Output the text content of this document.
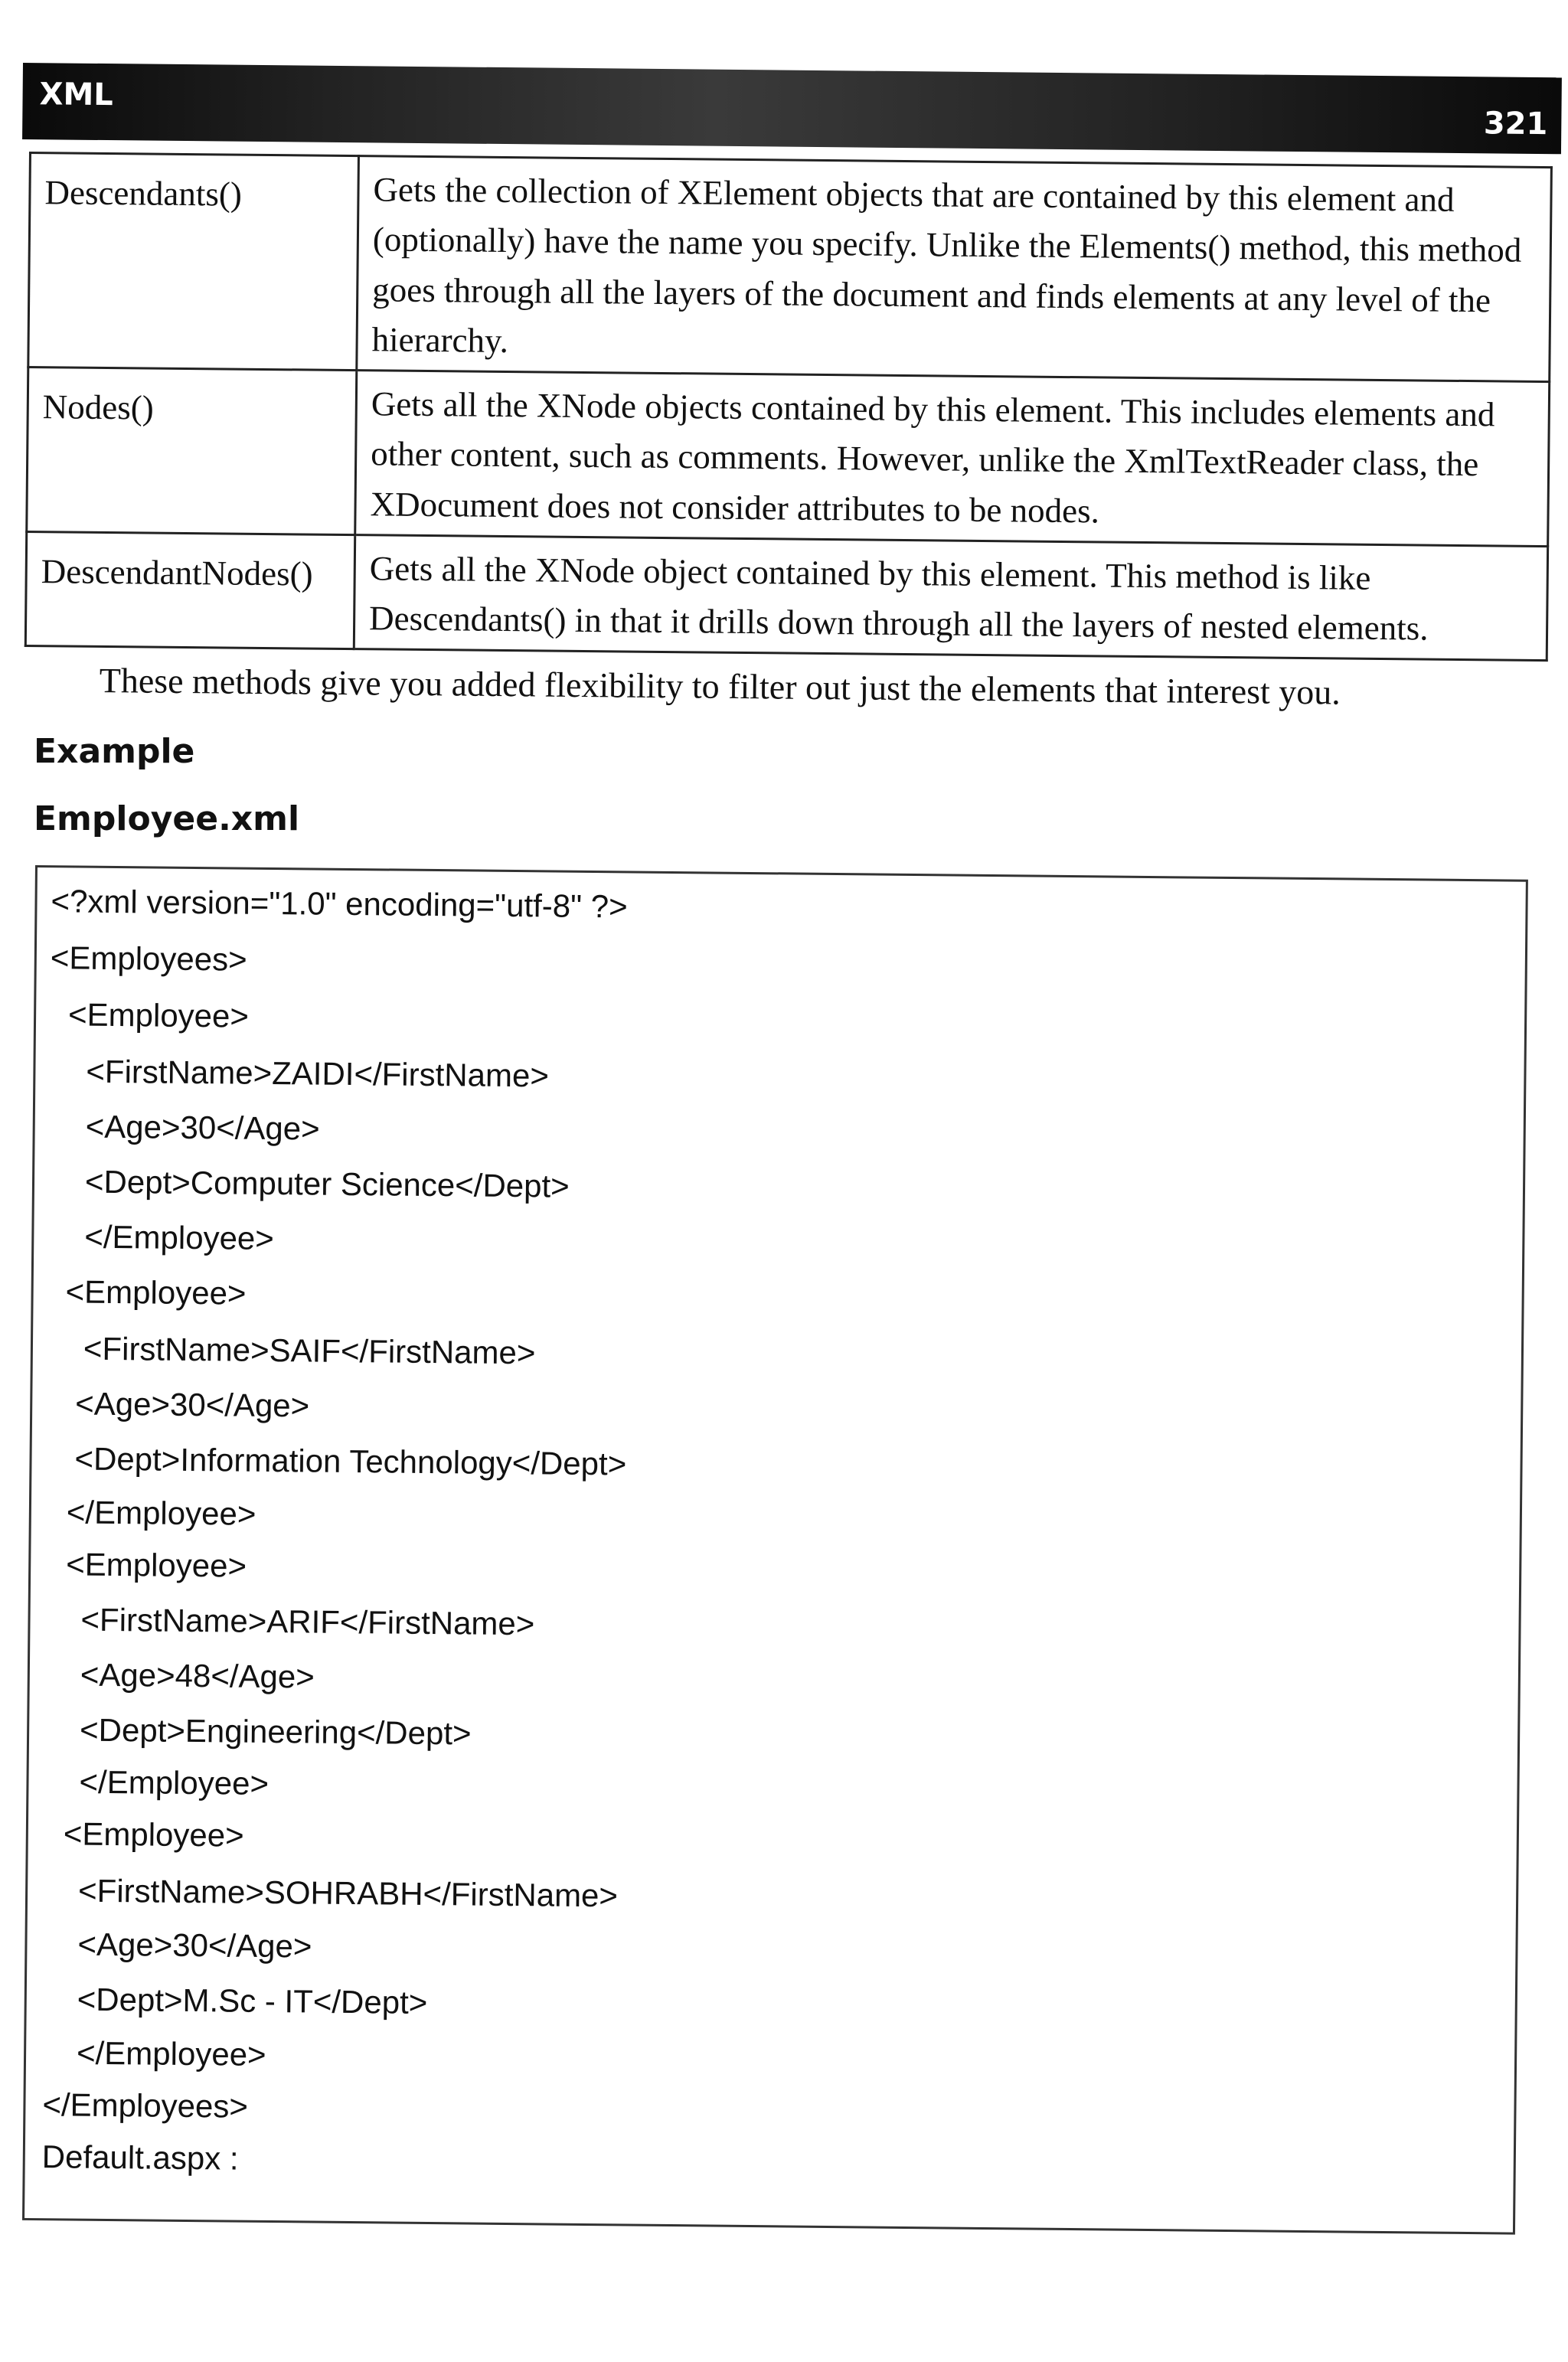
XML
321
Descendants()	Gets the collection of XElement objects that are contained by this element and (optionally) have the name you specify. Unlike the Elements() method, this method goes through all the layers of the document and finds elements at any level of the hierarchy.
Nodes()	Gets all the XNode objects contained by this element. This includes elements and other content, such as comments. However, unlike the XmlTextReader class, the XDocument does not consider attributes to be nodes.
DescendantNodes()	Gets all the XNode object contained by this element. This method is like Descendants() in that it drills down through all the layers of nested elements.
These methods give you added flexibility to filter out just the elements that interest you.
Example
Employee.xml
<?xml version="1.0" encoding="utf-8" ?>
<Employees>
<Employee>
<FirstName>ZAIDI</FirstName>
<Age>30</Age>
<Dept>Computer Science</Dept>
</Employee>
<Employee>
<FirstName>SAIF</FirstName>
<Age>30</Age>
<Dept>Information Technology</Dept>
</Employee>
<Employee>
<FirstName>ARIF</FirstName>
<Age>48</Age>
<Dept>Engineering</Dept>
</Employee>
<Employee>
<FirstName>SOHRABH</FirstName>
<Age>30</Age>
<Dept>M.Sc - IT</Dept>
</Employee>
</Employees>
Default.aspx :
